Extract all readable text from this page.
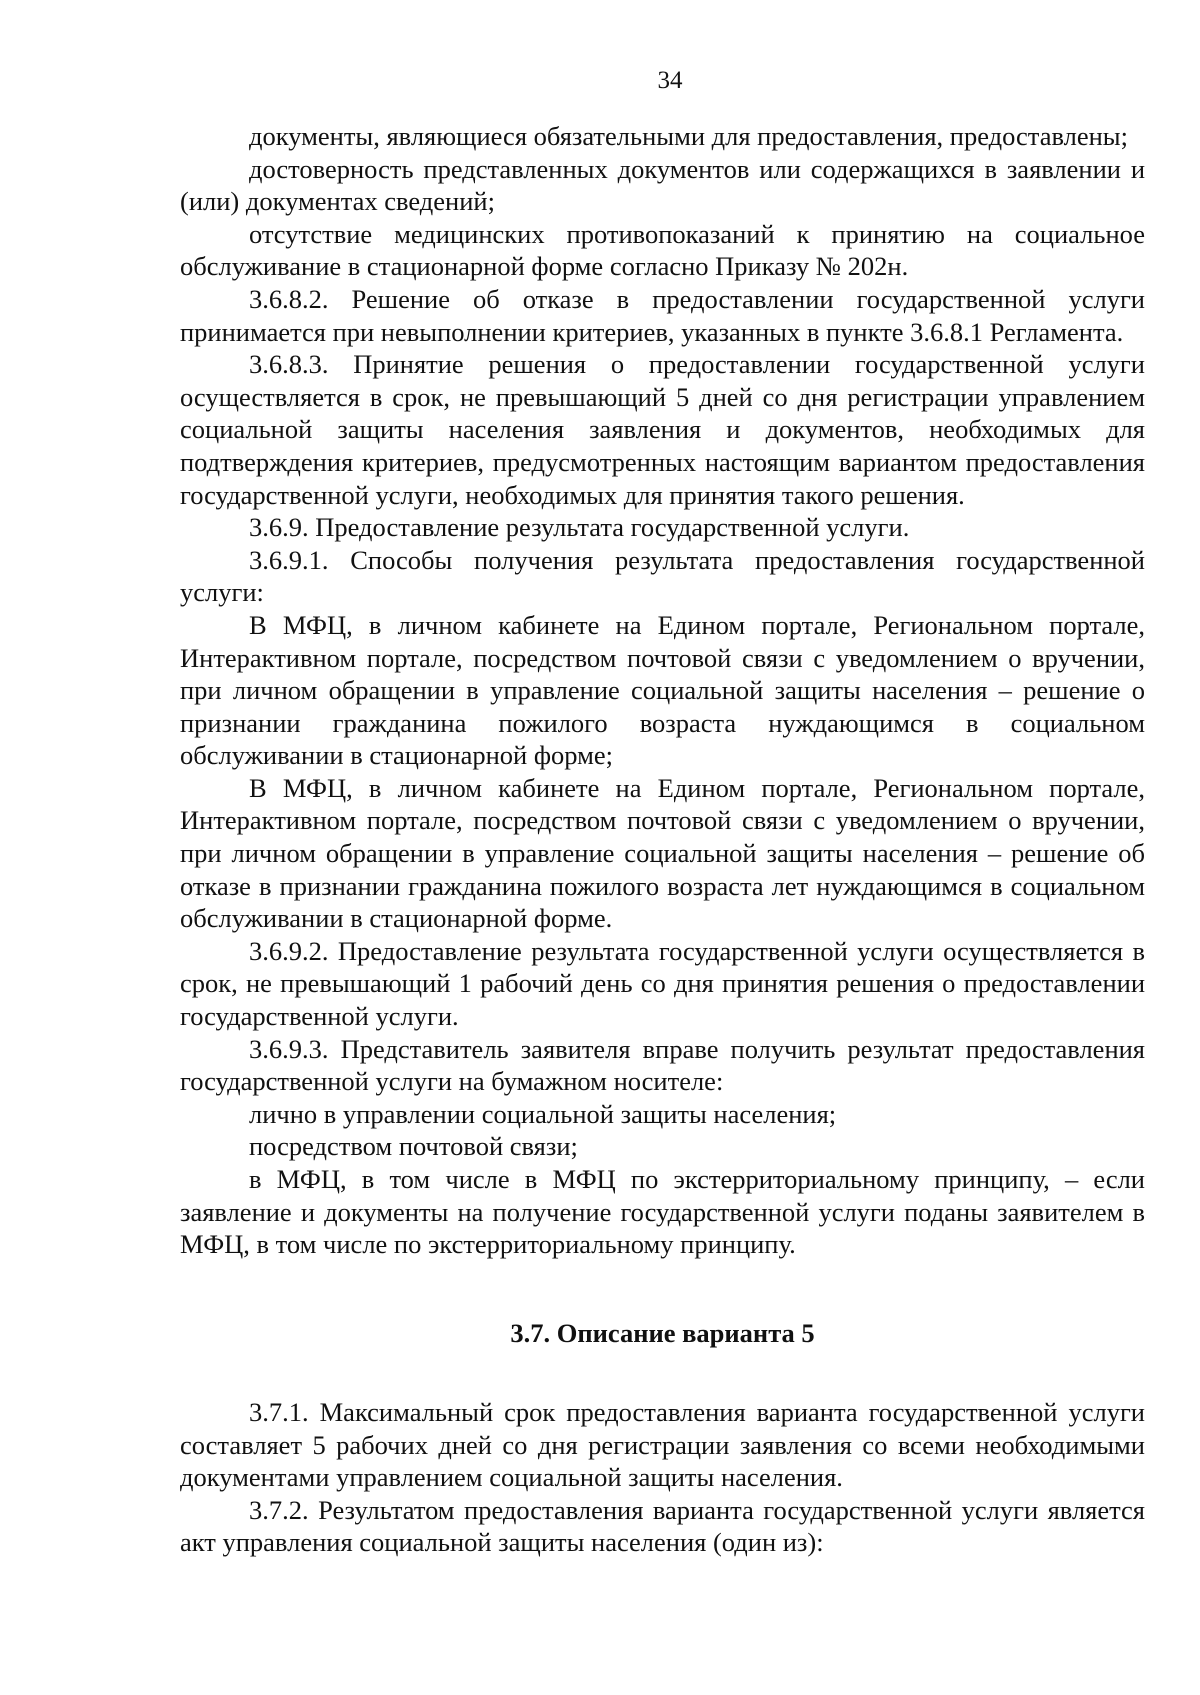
34

документы, являющиеся обязательными для предоставления, предоставлены;

достоверность представленных документов или содержащихся в заявлении и (или) документах сведений;

отсутствие медицинских противопоказаний к принятию на социальное обслуживание в стационарной форме согласно Приказу № 202н.

3.6.8.2. Решение об отказе в предоставлении государственной услуги принимается при невыполнении критериев, указанных в пункте 3.6.8.1 Регламента.

3.6.8.3. Принятие решения о предоставлении государственной услуги осуществляется в срок, не превышающий 5 дней со дня регистрации управлением социальной защиты населения заявления и документов, необходимых для подтверждения критериев, предусмотренных настоящим вариантом предоставления государственной услуги, необходимых для принятия такого решения.

3.6.9. Предоставление результата государственной услуги.

3.6.9.1. Способы получения результата предоставления государственной услуги:

В МФЦ, в личном кабинете на Едином портале, Региональном портале, Интерактивном портале, посредством почтовой связи с уведомлением о вручении, при личном обращении в управление социальной защиты населения – решение о признании гражданина пожилого возраста нуждающимся в социальном обслуживании в стационарной форме;

В МФЦ, в личном кабинете на Едином портале, Региональном портале, Интерактивном портале, посредством почтовой связи с уведомлением о вручении, при личном обращении в управление социальной защиты населения – решение об отказе в признании гражданина пожилого возраста лет нуждающимся в социальном обслуживании в стационарной форме.

3.6.9.2. Предоставление результата государственной услуги осуществляется в срок, не превышающий 1 рабочий день со дня принятия решения о предоставлении государственной услуги.

3.6.9.3. Представитель заявителя вправе получить результат предоставления государственной услуги на бумажном носителе:

лично в управлении социальной защиты населения;

посредством почтовой связи;

в МФЦ, в том числе в МФЦ по экстерриториальному принципу, – если заявление и документы на получение государственной услуги поданы заявителем в МФЦ, в том числе по экстерриториальному принципу.

3.7. Описание варианта 5

3.7.1. Максимальный срок предоставления варианта государственной услуги составляет 5 рабочих дней со дня регистрации заявления со всеми необходимыми документами управлением социальной защиты населения.

3.7.2. Результатом предоставления варианта государственной услуги является акт управления социальной защиты населения (один из):
